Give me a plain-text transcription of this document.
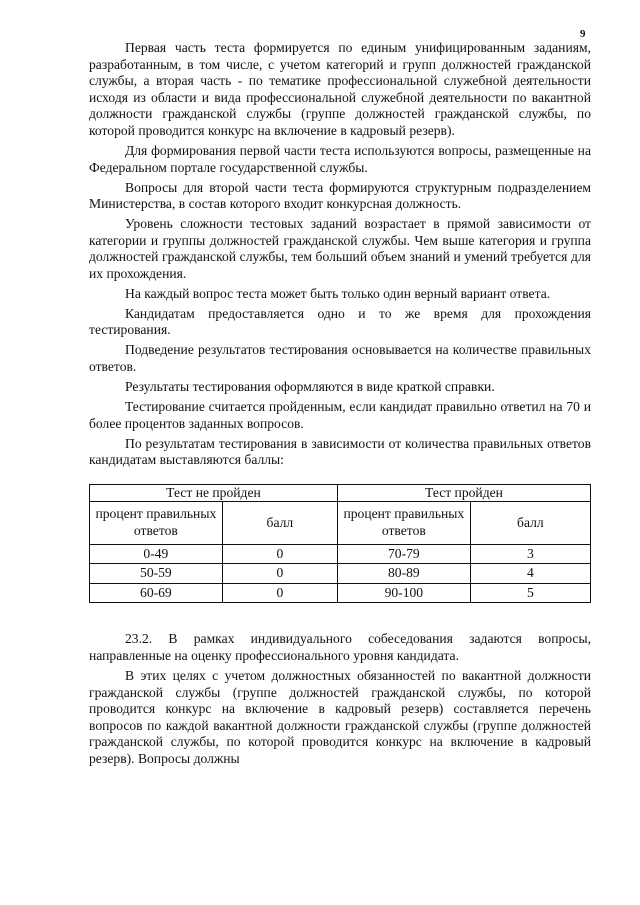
9

Первая часть теста формируется по единым унифицированным заданиям, разработанным, в том числе, с учетом категорий и групп должностей гражданской службы, а вторая часть - по тематике профессиональной служебной деятельности исходя из области и вида профессиональной служебной деятельности по вакантной должности гражданской службы (группе должностей гражданской службы, по которой проводится конкурс на включение в кадровый резерв).

Для формирования первой части теста используются вопросы, размещенные на Федеральном портале государственной службы.

Вопросы для второй части теста формируются структурным подразделением Министерства, в состав которого входит конкурсная должность.

Уровень сложности тестовых заданий возрастает в прямой зависимости от категории и группы должностей гражданской службы. Чем выше категория и группа должностей гражданской службы, тем больший объем знаний и умений требуется для их прохождения.

На каждый вопрос теста может быть только один верный вариант ответа.

Кандидатам предоставляется одно и то же время для прохождения тестирования.

Подведение результатов тестирования основывается на количестве правильных ответов.

Результаты тестирования оформляются в виде краткой справки.

Тестирование считается пройденным, если кандидат правильно ответил на 70 и более процентов заданных вопросов.

По результатам тестирования в зависимости от количества правильных ответов кандидатам выставляются баллы:

Тест не пройден		Тест пройден	
процент правильных ответов	балл	процент правильных ответов	балл
0-49	0	70-79	3
50-59	0	80-89	4
60-69	0	90-100	5

23.2. В рамках индивидуального собеседования задаются вопросы, направленные на оценку профессионального уровня кандидата.

В этих целях с учетом должностных обязанностей по вакантной должности гражданской службы (группе должностей гражданской службы, по которой проводится конкурс на включение в кадровый резерв) составляется перечень вопросов по каждой вакантной должности гражданской службы (группе должностей гражданской службы, по которой проводится конкурс на включение в кадровый резерв). Вопросы должны
